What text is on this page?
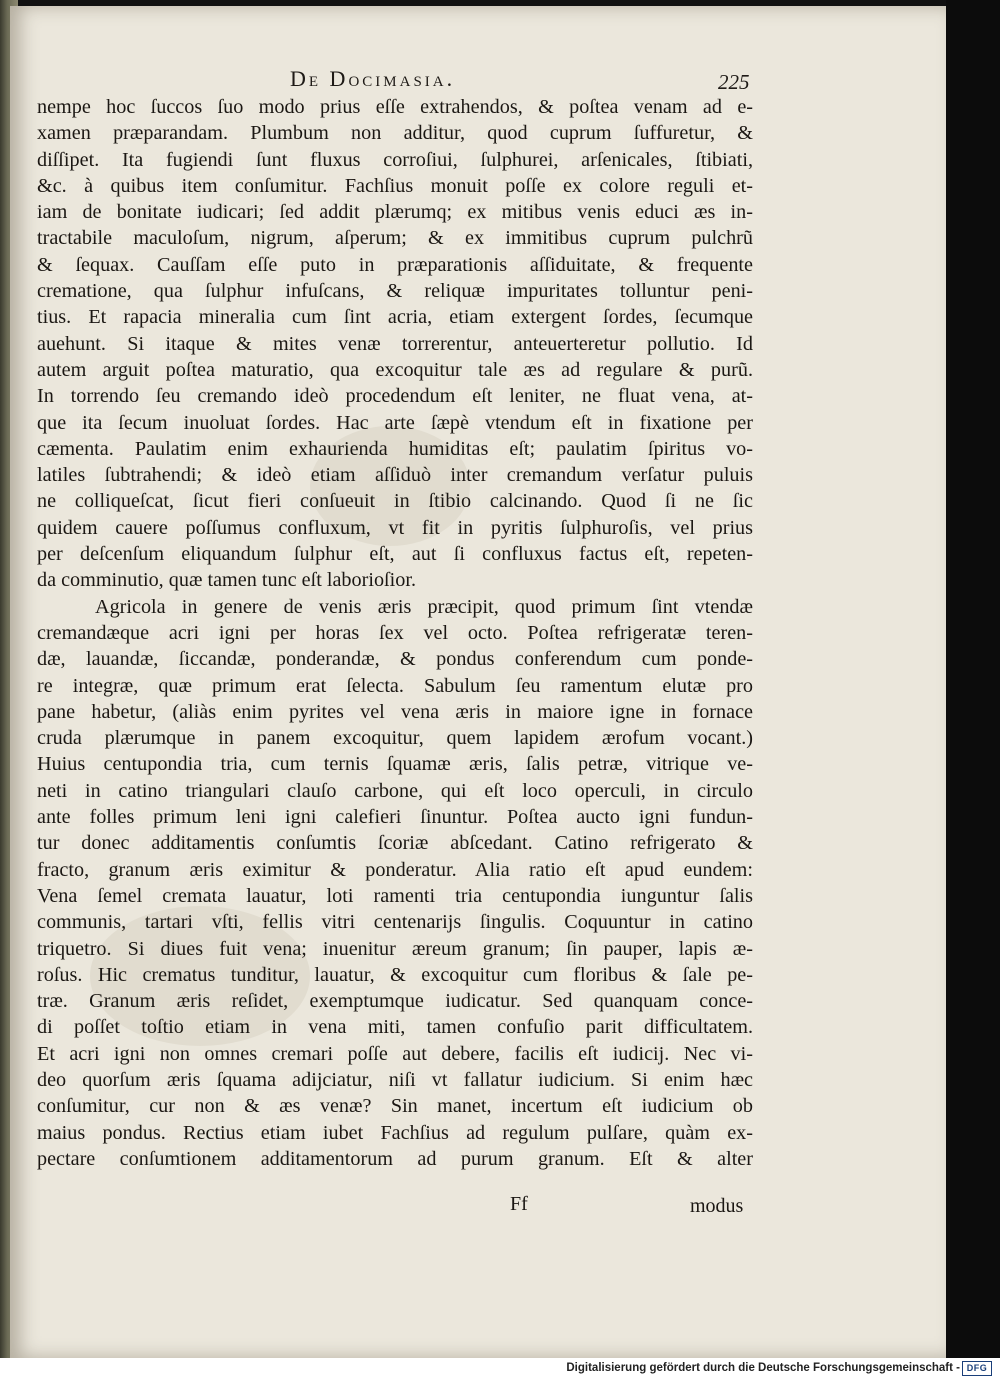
De Docimasia.	225
nempe hoc ſuccos ſuo modo prius eſſe extrahendos, & poſtea venam ad e-
xamen præparandam. Plumbum non additur, quod cuprum ſuffuretur, &
diſſipet. Ita fugiendi ſunt fluxus corroſiui, ſulphurei, arſenicales, ſtibiati,
&c. à quibus item conſumitur. Fachſius monuit poſſe ex colore reguli et-
iam de bonitate iudicari; ſed addit plærumq; ex mitibus venis educi æs in-
tractabile maculoſum, nigrum, aſperum; & ex immitibus cuprum pulchrũ
& ſequax. Cauſſam eſſe puto in præparationis aſſiduitate, & frequente
crematione, qua ſulphur infuſcans, & reliquæ impuritates tolluntur peni-
tius. Et rapacia mineralia cum ſint acria, etiam extergent ſordes, ſecumque
auehunt. Si itaque & mites venæ torrerentur, anteuerteretur pollutio. Id
autem arguit poſtea maturatio, qua excoquitur tale æs ad regulare & purũ.
In torrendo ſeu cremando ideò procedendum eſt leniter, ne fluat vena, at-
que ita ſecum inuoluat ſordes. Hac arte ſæpè vtendum eſt in fixatione per
cæmenta. Paulatim enim exhaurienda humiditas eſt; paulatim ſpiritus vo-
latiles ſubtrahendi; & ideò etiam aſſiduò inter cremandum verſatur puluis
ne colliqueſcat, ſicut fieri conſueuit in ſtibio calcinando. Quod ſi ne ſic
quidem cauere poſſumus confluxum, vt fit in pyritis ſulphuroſis, vel prius
per deſcenſum eliquandum ſulphur eſt, aut ſi confluxus factus eſt, repeten-
da comminutio, quæ tamen tunc eſt laborioſior.
Agricola in genere de venis æris præcipit, quod primum ſint vtendæ
cremandæque acri igni per horas ſex vel octo. Poſtea refrigeratæ teren-
dæ, lauandæ, ſiccandæ, ponderandæ, & pondus conferendum cum ponde-
re integræ, quæ primum erat ſelecta. Sabulum ſeu ramentum elutæ pro
pane habetur, (aliàs enim pyrites vel vena æris in maiore igne in fornace
cruda plærumque in panem excoquitur, quem lapidem ærofum vocant.)
Huius centupondia tria, cum ternis ſquamæ æris, ſalis petræ, vitrique ve-
neti in catino triangulari clauſo carbone, qui eſt loco operculi, in circulo
ante folles primum leni igni calefieri ſinuntur. Poſtea aucto igni fundun-
tur donec additamentis conſumtis ſcoriæ abſcedant. Catino refrigerato &
fracto, granum æris eximitur & ponderatur. Alia ratio eſt apud eundem:
Vena ſemel cremata lauatur, loti ramenti tria centupondia iunguntur ſalis
communis, tartari vſti, fellis vitri centenarijs ſingulis. Coquuntur in catino
triquetro. Si diues fuit vena; inuenitur æreum granum; ſin pauper, lapis æ-
roſus. Hic crematus tunditur, lauatur, & excoquitur cum floribus & ſale pe-
træ. Granum æris reſidet, exemptumque iudicatur. Sed quanquam conce-
di poſſet toſtio etiam in vena miti, tamen confuſio parit difficultatem.
Et acri igni non omnes cremari poſſe aut debere, facilis eſt iudicij. Nec vi-
deo quorſum æris ſquama adijciatur, niſi vt fallatur iudicium. Si enim hæc
conſumitur, cur non & æs venæ? Sin manet, incertum eſt iudicium ob
maius pondus. Rectius etiam iubet Fachſius ad regulum pulſare, quàm ex-
pectare conſumtionem additamentorum ad purum granum. Eſt & alter
Ff	modus
Digitalisierung gefördert durch die Deutsche Forschungsgemeinschaft - DFG
